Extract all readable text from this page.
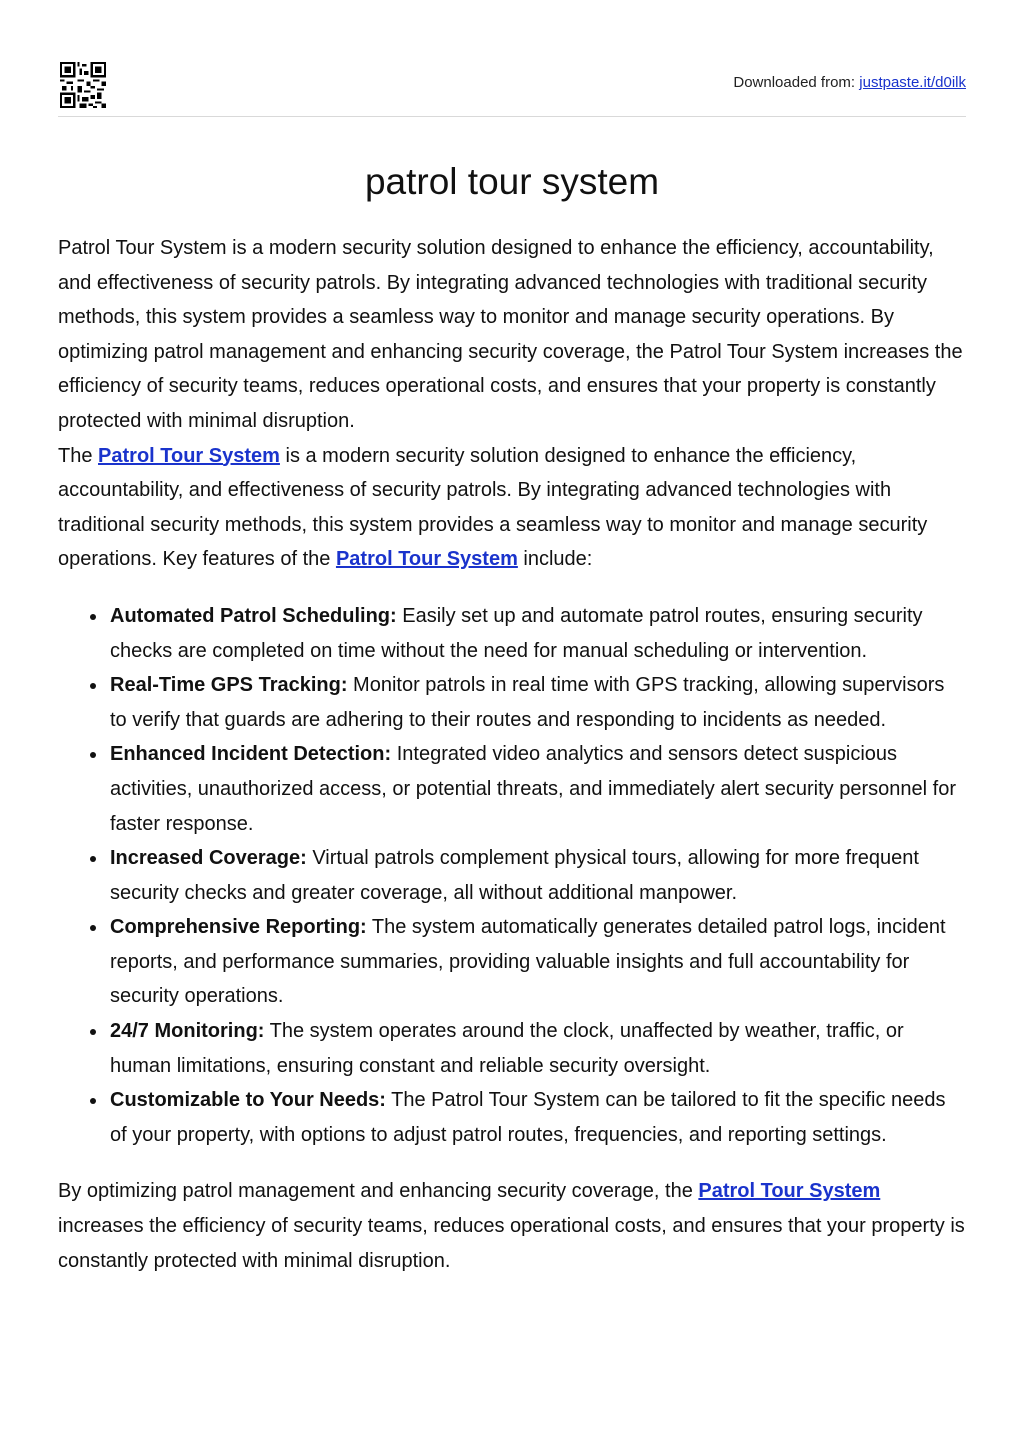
Downloaded from: justpaste.it/d0ilk
patrol tour system

Patrol Tour System is a modern security solution designed to enhance the efficiency, accountability, and effectiveness of security patrols. By integrating advanced technologies with traditional security methods, this system provides a seamless way to monitor and manage security operations. By optimizing patrol management and enhancing security coverage, the Patrol Tour System increases the efficiency of security teams, reduces operational costs, and ensures that your property is constantly protected with minimal disruption.

The Patrol Tour System is a modern security solution designed to enhance the efficiency, accountability, and effectiveness of security patrols. By integrating advanced technologies with traditional security methods, this system provides a seamless way to monitor and manage security operations. Key features of the Patrol Tour System include:

Automated Patrol Scheduling: Easily set up and automate patrol routes, ensuring security checks are completed on time without the need for manual scheduling or intervention.
Real-Time GPS Tracking: Monitor patrols in real time with GPS tracking, allowing supervisors to verify that guards are adhering to their routes and responding to incidents as needed.
Enhanced Incident Detection: Integrated video analytics and sensors detect suspicious activities, unauthorized access, or potential threats, and immediately alert security personnel for faster response.
Increased Coverage: Virtual patrols complement physical tours, allowing for more frequent security checks and greater coverage, all without additional manpower.
Comprehensive Reporting: The system automatically generates detailed patrol logs, incident reports, and performance summaries, providing valuable insights and full accountability for security operations.
24/7 Monitoring: The system operates around the clock, unaffected by weather, traffic, or human limitations, ensuring constant and reliable security oversight.
Customizable to Your Needs: The Patrol Tour System can be tailored to fit the specific needs of your property, with options to adjust patrol routes, frequencies, and reporting settings.

By optimizing patrol management and enhancing security coverage, the Patrol Tour System increases the efficiency of security teams, reduces operational costs, and ensures that your property is constantly protected with minimal disruption.
